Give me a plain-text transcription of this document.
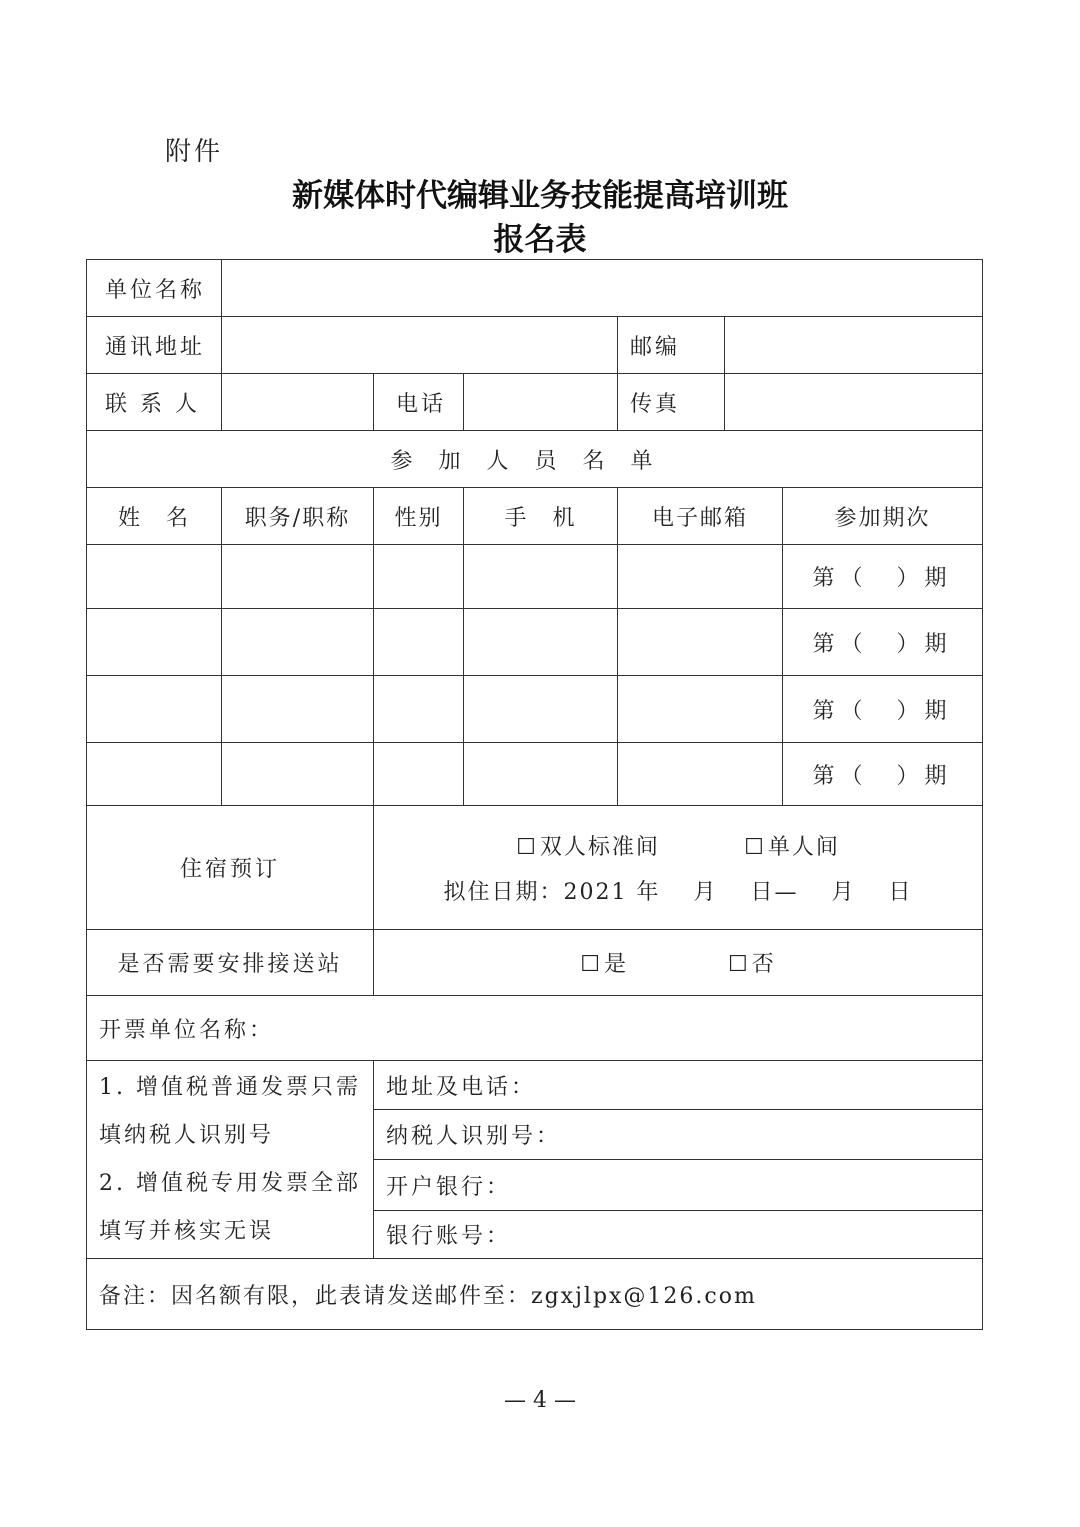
附件
新媒体时代编辑业务技能提高培训班
报名表
单位名称						
通讯地址				邮编		
联 系 人		电话		传真		
参加人员名单						
姓　名	职务/职称	性别	手　机	电子邮箱		参加期次
						第（　）期
						第（　）期
						第（　）期
						第（　）期
住宿预订		☐双人标准间 ☐单人间
拟住日期：2021 年　 月　 日—　 月　 日				

是否需要安排接送站		☐是 ☐否				

开票单位名称：						

1. 增值税普通发票只需填纳税人识别号
2. 增值税专用发票全部填写并核实无误		地址及电话：				
		纳税人识别号：				
		开户银行：				
		银行账号：				
备注：因名额有限，此表请发送邮件至：zgxjlpx@126.com						
— 4 —
